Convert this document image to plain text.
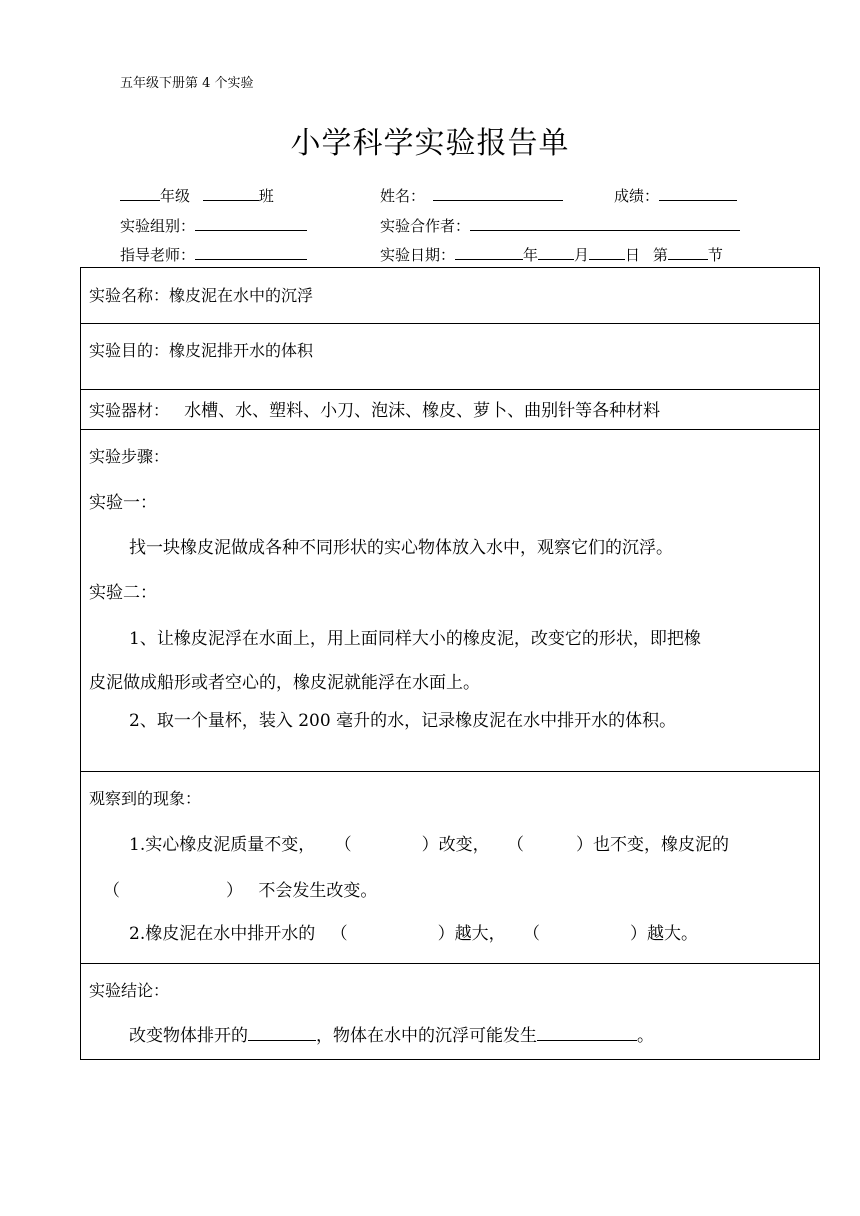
五年级下册第 4 个实验
小学科学实验报告单
年级	班	姓名：	成绩：
实验组别：	实验合作者：
指导老师：	实验日期：	年 月 日 第	节
实验名称：橡皮泥在水中的沉浮
实验目的：橡皮泥排开水的体积
实验器材： 水槽、水、塑料、小刀、泡沫、橡皮、萝卜、曲别针等各种材料
实验步骤：
实验一：
找一块橡皮泥做成各种不同形状的实心物体放入水中，观察它们的沉浮。
实验二：
1、让橡皮泥浮在水面上，用上面同样大小的橡皮泥，改变它的形状，即把橡
皮泥做成船形或者空心的，橡皮泥就能浮在水面上。
2、取一个量杯，装入 200 毫升的水，记录橡皮泥在水中排开水的体积。
观察到的现象：
1.实心橡皮泥质量不变， （	）改变， （	）也不变，橡皮泥的
（	） 不会发生改变。
2.橡皮泥在水中排开水的 （	）越大， （	）越大。
实验结论：
改变物体排开的	，物体在水中的沉浮可能发生	。
